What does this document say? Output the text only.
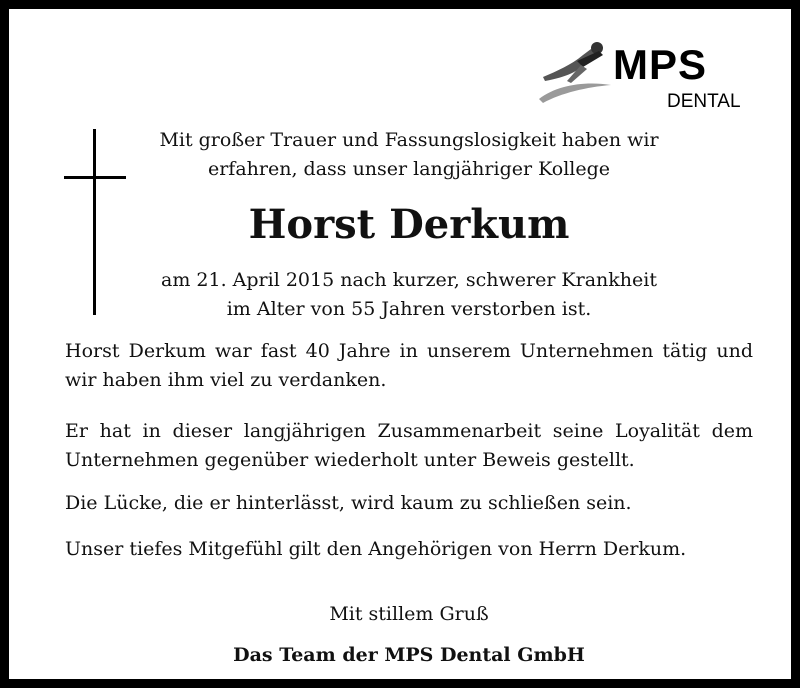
MPS
DENTAL
Mit großer Trauer und Fassungslosigkeit haben wir
erfahren, dass unser langjähriger Kollege
Horst Derkum
am 21. April 2015 nach kurzer, schwerer Krankheit
im Alter von 55 Jahren verstorben ist.
Horst Derkum war fast 40 Jahre in unserem Unternehmen tätig und wir haben ihm viel zu verdanken.
Er hat in dieser langjährigen Zusammenarbeit seine Loyalität dem Unternehmen gegenüber wiederholt unter Beweis gestellt.
Die Lücke, die er hinterlässt, wird kaum zu schließen sein.
Unser tiefes Mitgefühl gilt den Angehörigen von Herrn Derkum.
Mit stillem Gruß
Das Team der MPS Dental GmbH
